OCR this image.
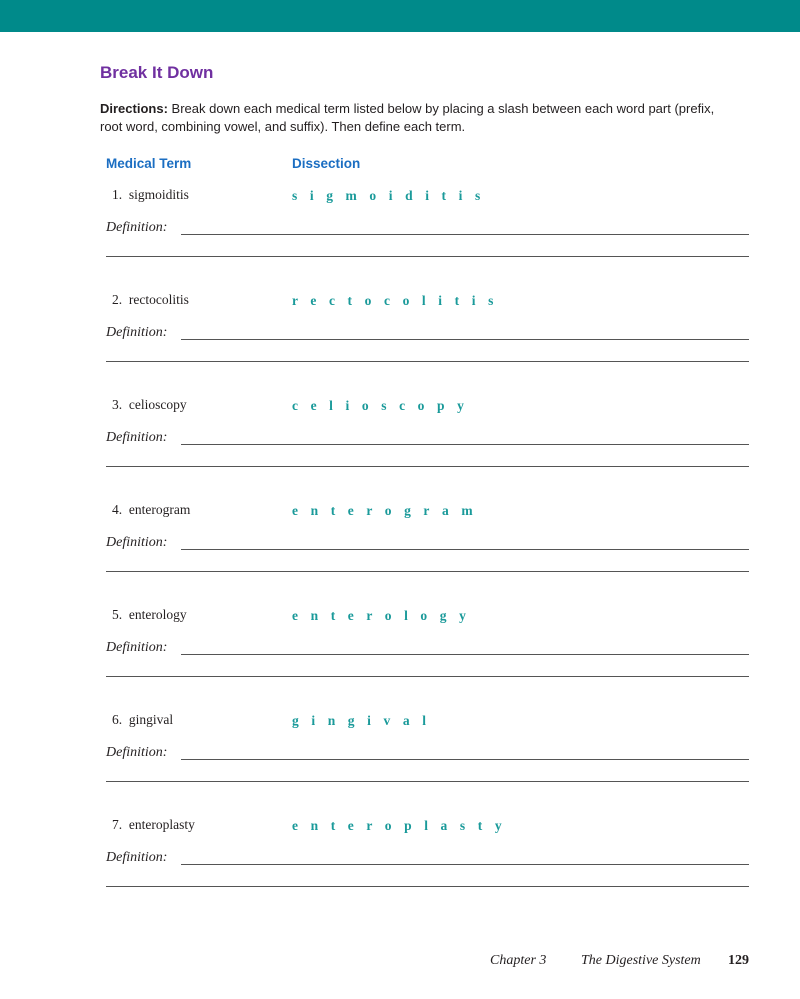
Break It Down
Directions: Break down each medical term listed below by placing a slash between each word part (prefix, root word, combining vowel, and suffix). Then define each term.
Medical Term	Dissection
1. sigmoiditis	sigmoiditis
Definition:
2. rectocolitis	rectocolitis
Definition:
3. celioscopy	celioscopy
Definition:
4. enterogram	enterogram
Definition:
5. enterology	enterology
Definition:
6. gingival	gingival
Definition:
7. enteroplasty	enteroplasty
Definition:
Chapter 3 The Digestive System 129
